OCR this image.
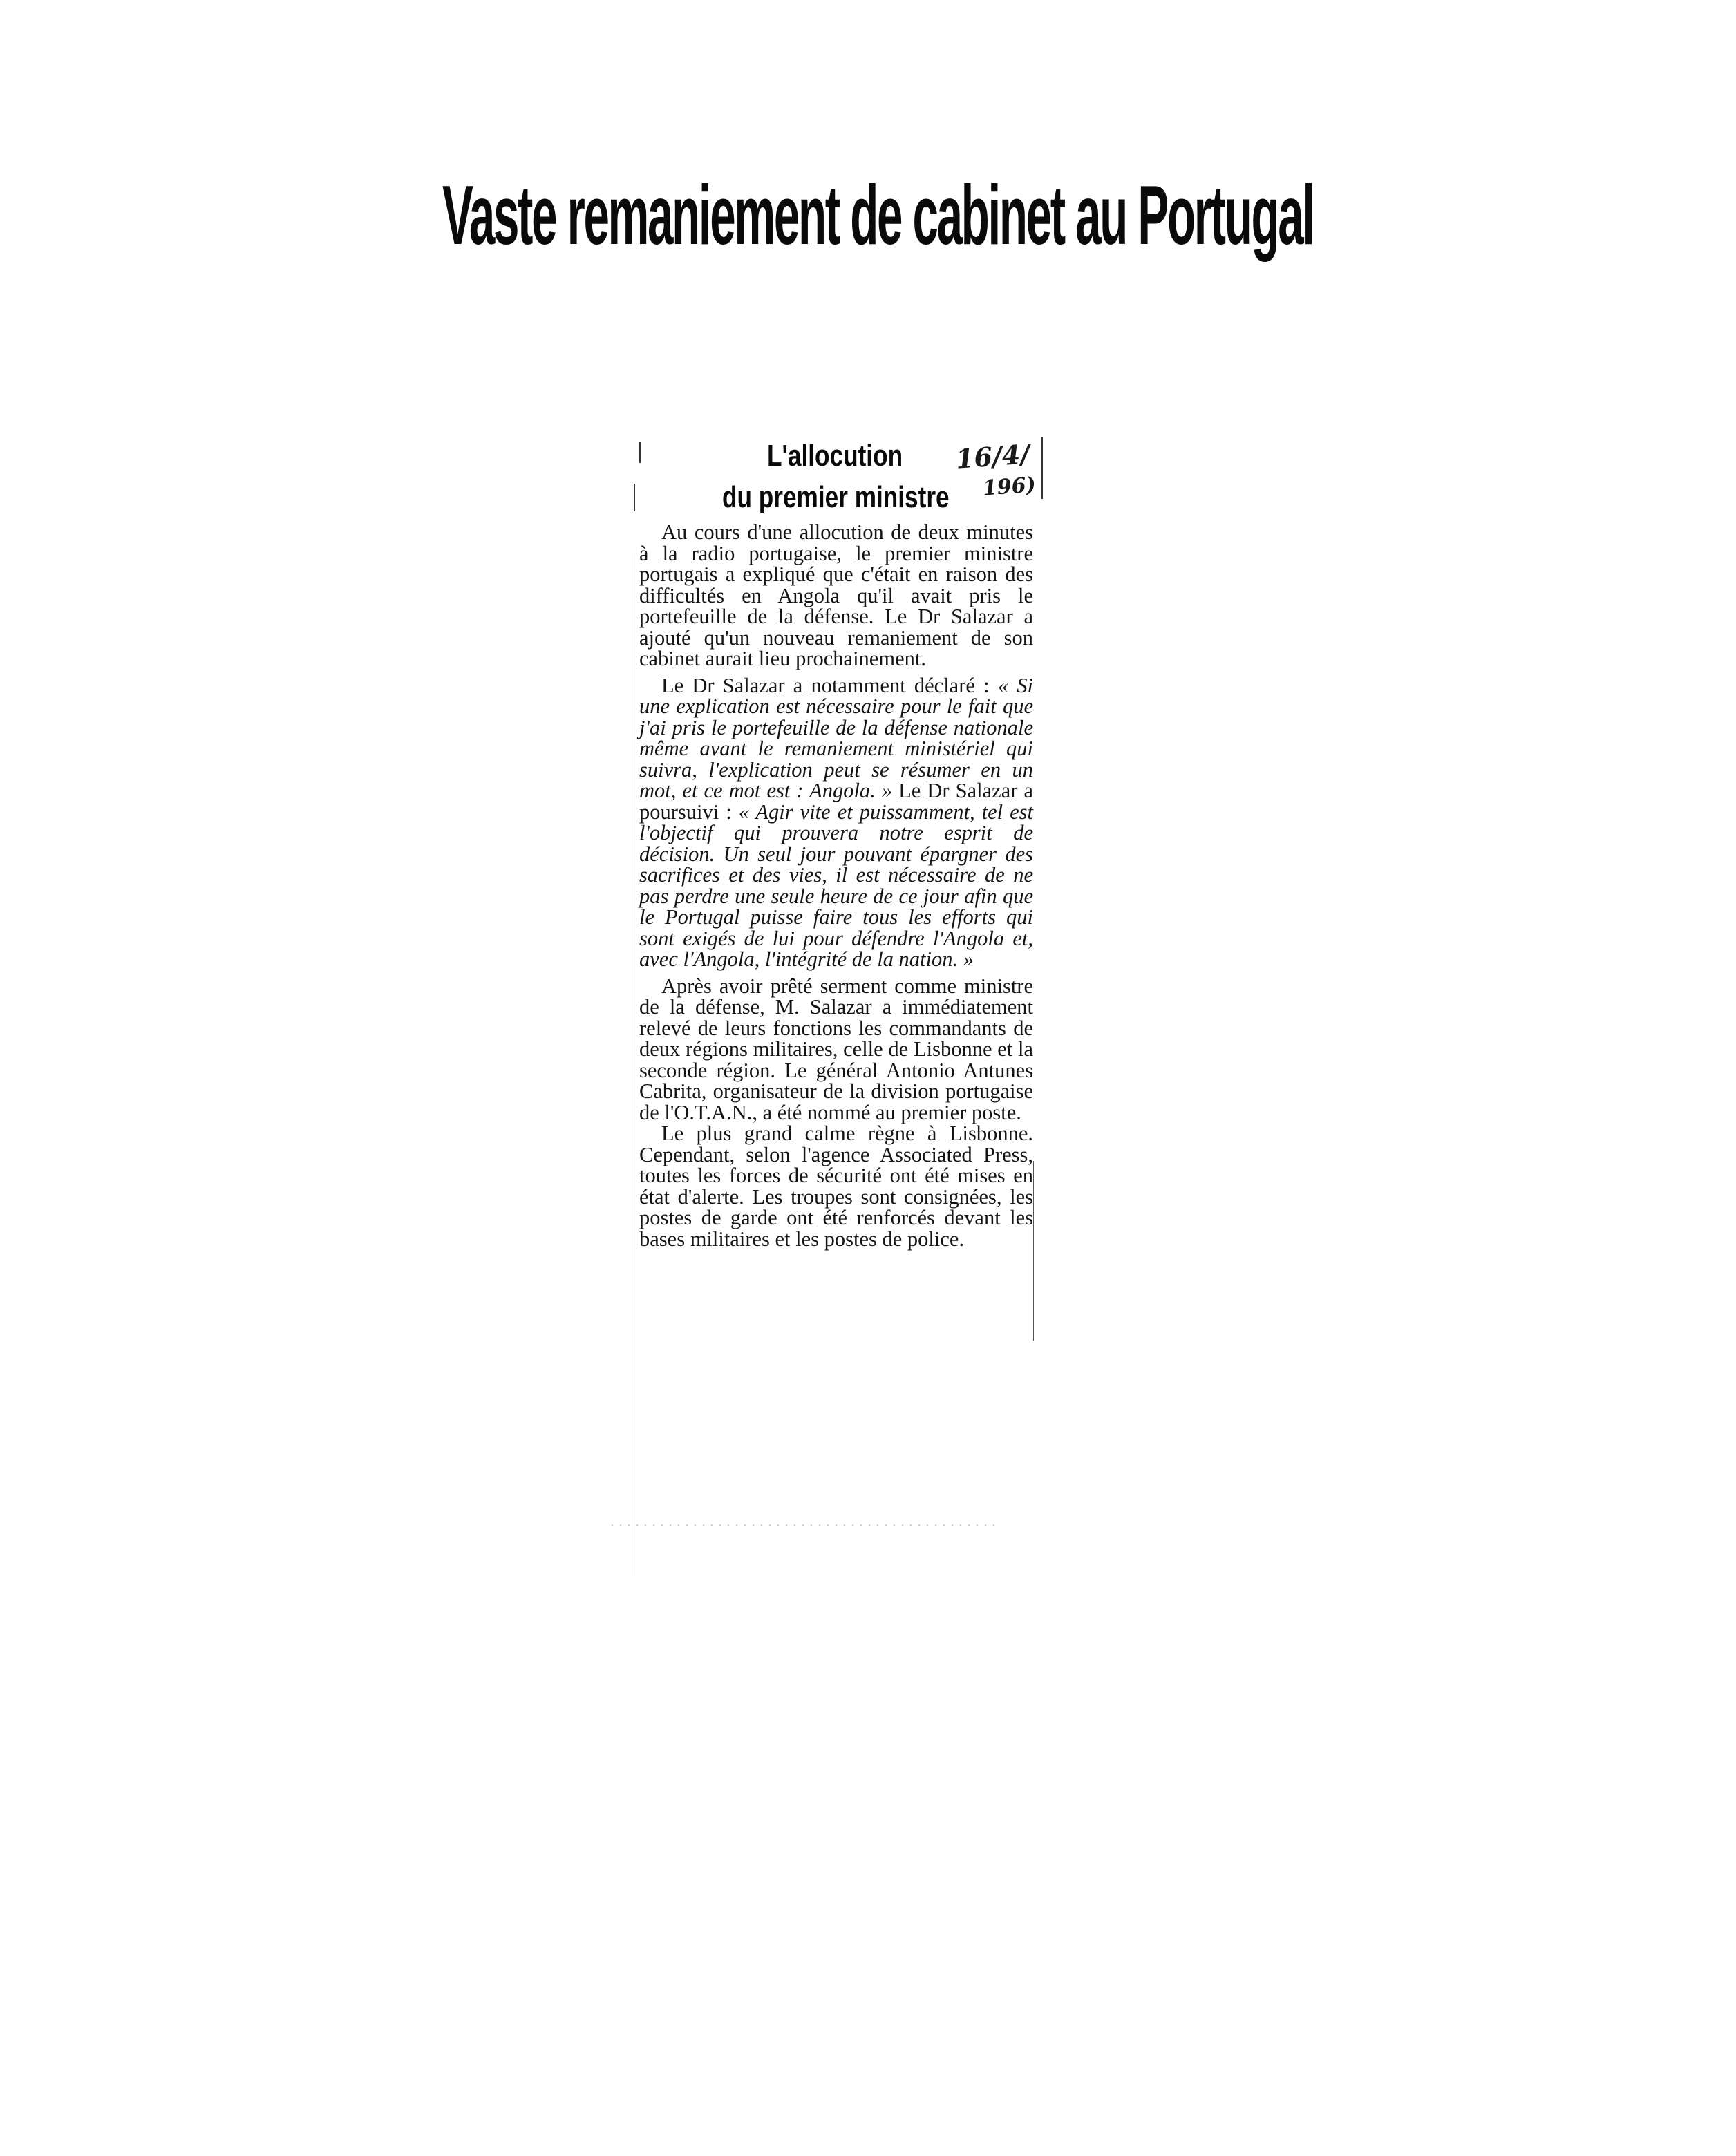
Vaste remaniement de cabinet au Portugal
L'allocution
du premier ministre
16/4/
196)

Au cours d'une allocution de deux minutes à la radio portugaise, le premier ministre portugais a expliqué que c'était en raison des difficultés en Angola qu'il avait pris le portefeuille de la défense. Le Dr Salazar a ajouté qu'un nouveau remaniement de son cabinet aurait lieu prochainement.

Le Dr Salazar a notamment déclaré : « Si une explication est nécessaire pour le fait que j'ai pris le portefeuille de la défense nationale même avant le remaniement ministériel qui suivra, l'explication peut se résumer en un mot, et ce mot est : Angola. » Le Dr Salazar a poursuivi : « Agir vite et puissamment, tel est l'objectif qui prouvera notre esprit de décision. Un seul jour pouvant épargner des sacrifices et des vies, il est nécessaire de ne pas perdre une seule heure de ce jour afin que le Portugal puisse faire tous les efforts qui sont exigés de lui pour défendre l'Angola et, avec l'Angola, l'intégrité de la nation. »

Après avoir prêté serment comme ministre de la défense, M. Salazar a immédiatement relevé de leurs fonctions les commandants de deux régions militaires, celle de Lisbonne et la seconde région. Le général Antonio Antunes Cabrita, organisateur de la division portugaise de l'O.T.A.N., a été nommé au premier poste.

Le plus grand calme règne à Lisbonne. Cependant, selon l'agence Associated Press, toutes les forces de sécurité ont été mises en état d'alerte. Les troupes sont consignées, les postes de garde ont été renforcés devant les bases militaires et les postes de police.
